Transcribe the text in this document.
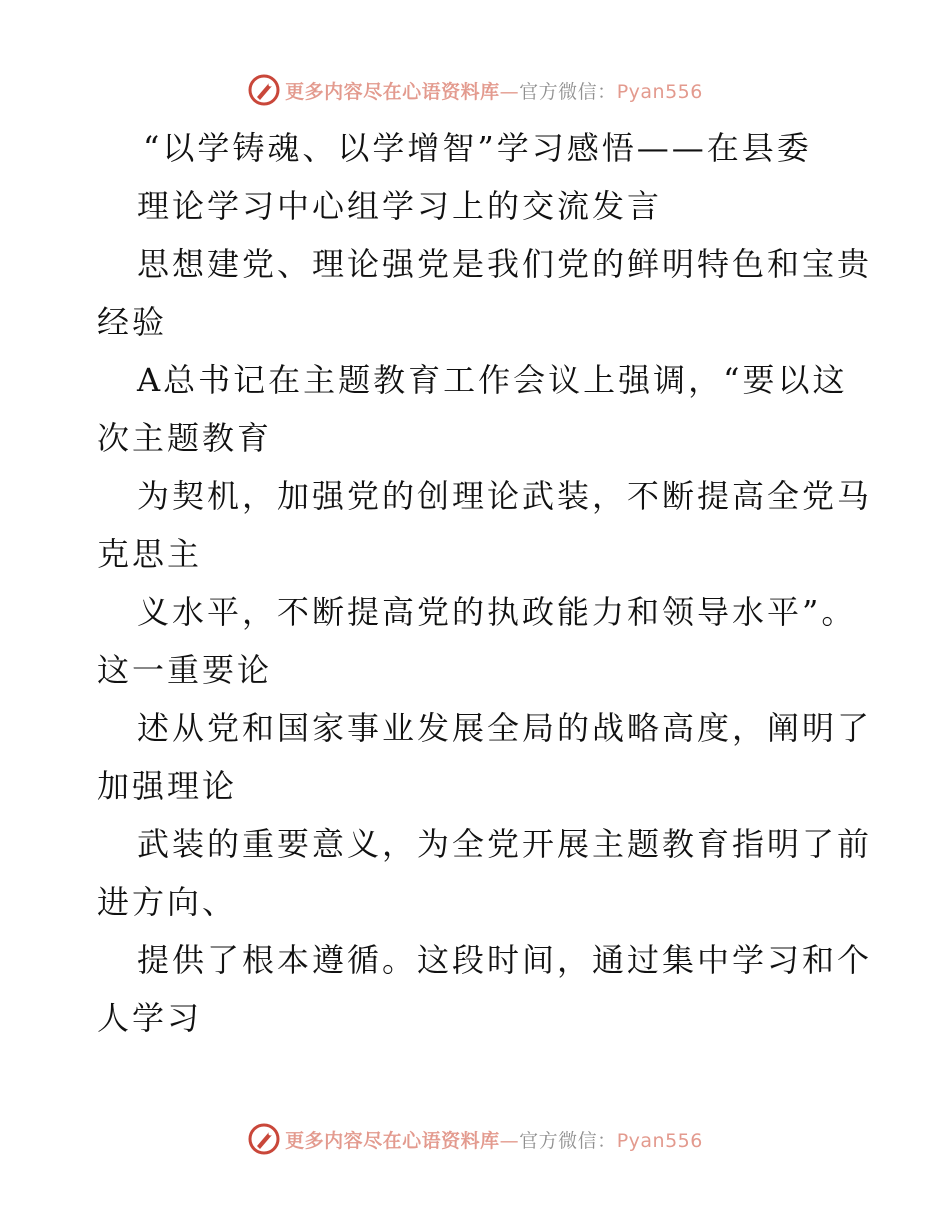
更多内容尽在心语资料库—官方微信：Pyan556
“以学铸魂、以学增智”学习感悟——在县委
理论学习中心组学习上的交流发言
思想建党、理论强党是我们党的鲜明特色和宝贵
经验
A总书记在主题教育工作会议上强调，“要以这
次主题教育
为契机，加强党的创理论武装，不断提高全党马
克思主
义水平，不断提高党的执政能力和领导水平”。
这一重要论
述从党和国家事业发展全局的战略高度，阐明了
加强理论
武装的重要意义，为全党开展主题教育指明了前
进方向、
提供了根本遵循。这段时间，通过集中学习和个
人学习
更多内容尽在心语资料库—官方微信：Pyan556
